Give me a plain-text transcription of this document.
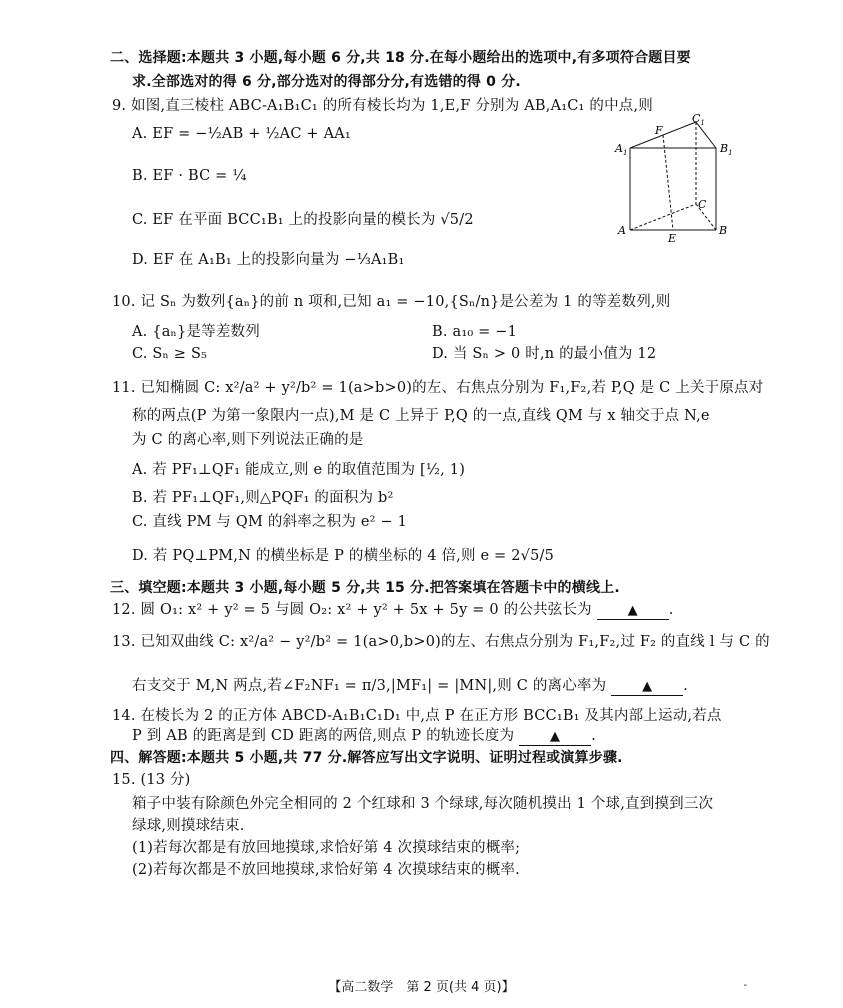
二、选择题:本题共 3 小题,每小题 6 分,共 18 分.在每小题给出的选项中,有多项符合题目要
求.全部选对的得 6 分,部分选对的得部分分,有选错的得 0 分.
9. 如图,直三棱柱 ABC-A₁B₁C₁ 的所有棱长均为 1,E,F 分别为 AB,A₁C₁ 的中点,则
A. EF = −½AB + ½AC + AA₁
B. EF · BC = ¼
C. EF 在平面 BCC₁B₁ 上的投影向量的模长为 √5/2
D. EF 在 A₁B₁ 上的投影向量为 −⅓A₁B₁
$A_1$
F
$C_1$
$B_1$
A
E
C
B
10. 记 Sₙ 为数列{aₙ}的前 n 项和,已知 a₁ = −10,{Sₙ/n}是公差为 1 的等差数列,则
A. {aₙ}是等差数列	B. a₁₀ = −1
C. Sₙ ≥ S₅	D. 当 Sₙ > 0 时,n 的最小值为 12
11. 已知椭圆 C: x²/a² + y²/b² = 1(a>b>0)的左、右焦点分别为 F₁,F₂,若 P,Q 是 C 上关于原点对
称的两点(P 为第一象限内一点),M 是 C 上异于 P,Q 的一点,直线 QM 与 x 轴交于点 N,e
为 C 的离心率,则下列说法正确的是
A. 若 PF₁⊥QF₁ 能成立,则 e 的取值范围为 [½, 1)
B. 若 PF₁⊥QF₁,则△PQF₁ 的面积为 b²
C. 直线 PM 与 QM 的斜率之积为 e² − 1
D. 若 PQ⊥PM,N 的横坐标是 P 的横坐标的 4 倍,则 e = 2√5/5
三、填空题:本题共 3 小题,每小题 5 分,共 15 分.把答案填在答题卡中的横线上.
12. 圆 O₁: x² + y² = 5 与圆 O₂: x² + y² + 5x + 5y = 0 的公共弦长为	▲ .
13. 已知双曲线 C: x²/a² − y²/b² = 1(a>0,b>0)的左、右焦点分别为 F₁,F₂,过 F₂ 的直线 l 与 C 的
右支交于 M,N 两点,若∠F₂NF₁ = π/3,|MF₁| = |MN|,则 C 的离心率为	▲ .
14. 在棱长为 2 的正方体 ABCD-A₁B₁C₁D₁ 中,点 P 在正方形 BCC₁B₁ 及其内部上运动,若点
P 到 AB 的距离是到 CD 距离的两倍,则点 P 的轨迹长度为	▲ .
四、解答题:本题共 5 小题,共 77 分.解答应写出文字说明、证明过程或演算步骤.
15. (13 分)
箱子中装有除颜色外完全相同的 2 个红球和 3 个绿球,每次随机摸出 1 个球,直到摸到三次
绿球,则摸球结束.
(1)若每次都是有放回地摸球,求恰好第 4 次摸球结束的概率;
(2)若每次都是不放回地摸球,求恰好第 4 次摸球结束的概率.
【高二数学　第 2 页(共 4 页)】	-
